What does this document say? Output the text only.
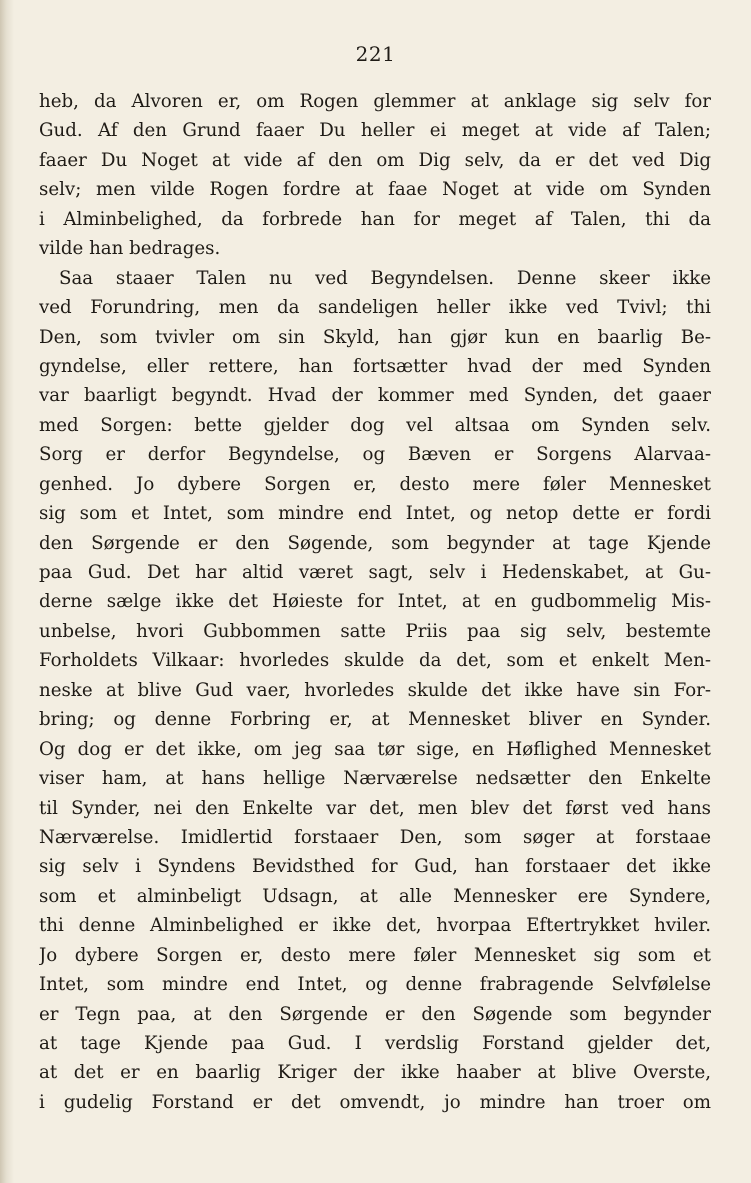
221
heb, da Alvoren er, om Rogen glemmer at anklage sig selv for
Gud. Af den Grund faaer Du heller ei meget at vide af Talen;
faaer Du Noget at vide af den om Dig selv, da er det ved Dig
selv; men vilde Rogen fordre at faae Noget at vide om Synden
i Alminbelighed, da forbrede han for meget af Talen, thi da
vilde han bedrages.
Saa staaer Talen nu ved Begyndelsen. Denne skeer ikke
ved Forundring, men da sandeligen heller ikke ved Tvivl; thi
Den, som tvivler om sin Skyld, han gjør kun en baarlig Be-
gyndelse, eller rettere, han fortsætter hvad der med Synden
var baarligt begyndt. Hvad der kommer med Synden, det gaaer
med Sorgen: bette gjelder dog vel altsaa om Synden selv.
Sorg er derfor Begyndelse, og Bæven er Sorgens Alarvaa-
genhed. Jo dybere Sorgen er, desto mere føler Mennesket
sig som et Intet, som mindre end Intet, og netop dette er fordi
den Sørgende er den Søgende, som begynder at tage Kjende
paa Gud. Det har altid været sagt, selv i Hedenskabet, at Gu-
derne sælge ikke det Høieste for Intet, at en gudbommelig Mis-
unbelse, hvori Gubbommen satte Priis paa sig selv, bestemte
Forholdets Vilkaar: hvorledes skulde da det, som et enkelt Men-
neske at blive Gud vaer, hvorledes skulde det ikke have sin For-
bring; og denne Forbring er, at Mennesket bliver en Synder.
Og dog er det ikke, om jeg saa tør sige, en Høflighed Mennesket
viser ham, at hans hellige Nærværelse nedsætter den Enkelte
til Synder, nei den Enkelte var det, men blev det først ved hans
Nærværelse. Imidlertid forstaaer Den, som søger at forstaae
sig selv i Syndens Bevidsthed for Gud, han forstaaer det ikke
som et alminbeligt Udsagn, at alle Mennesker ere Syndere,
thi denne Alminbelighed er ikke det, hvorpaa Eftertrykket hviler.
Jo dybere Sorgen er, desto mere føler Mennesket sig som et
Intet, som mindre end Intet, og denne frabragende Selvfølelse
er Tegn paa, at den Sørgende er den Søgende som begynder
at tage Kjende paa Gud. I verdslig Forstand gjelder det,
at det er en baarlig Kriger der ikke haaber at blive Overste,
i gudelig Forstand er det omvendt, jo mindre han troer om
